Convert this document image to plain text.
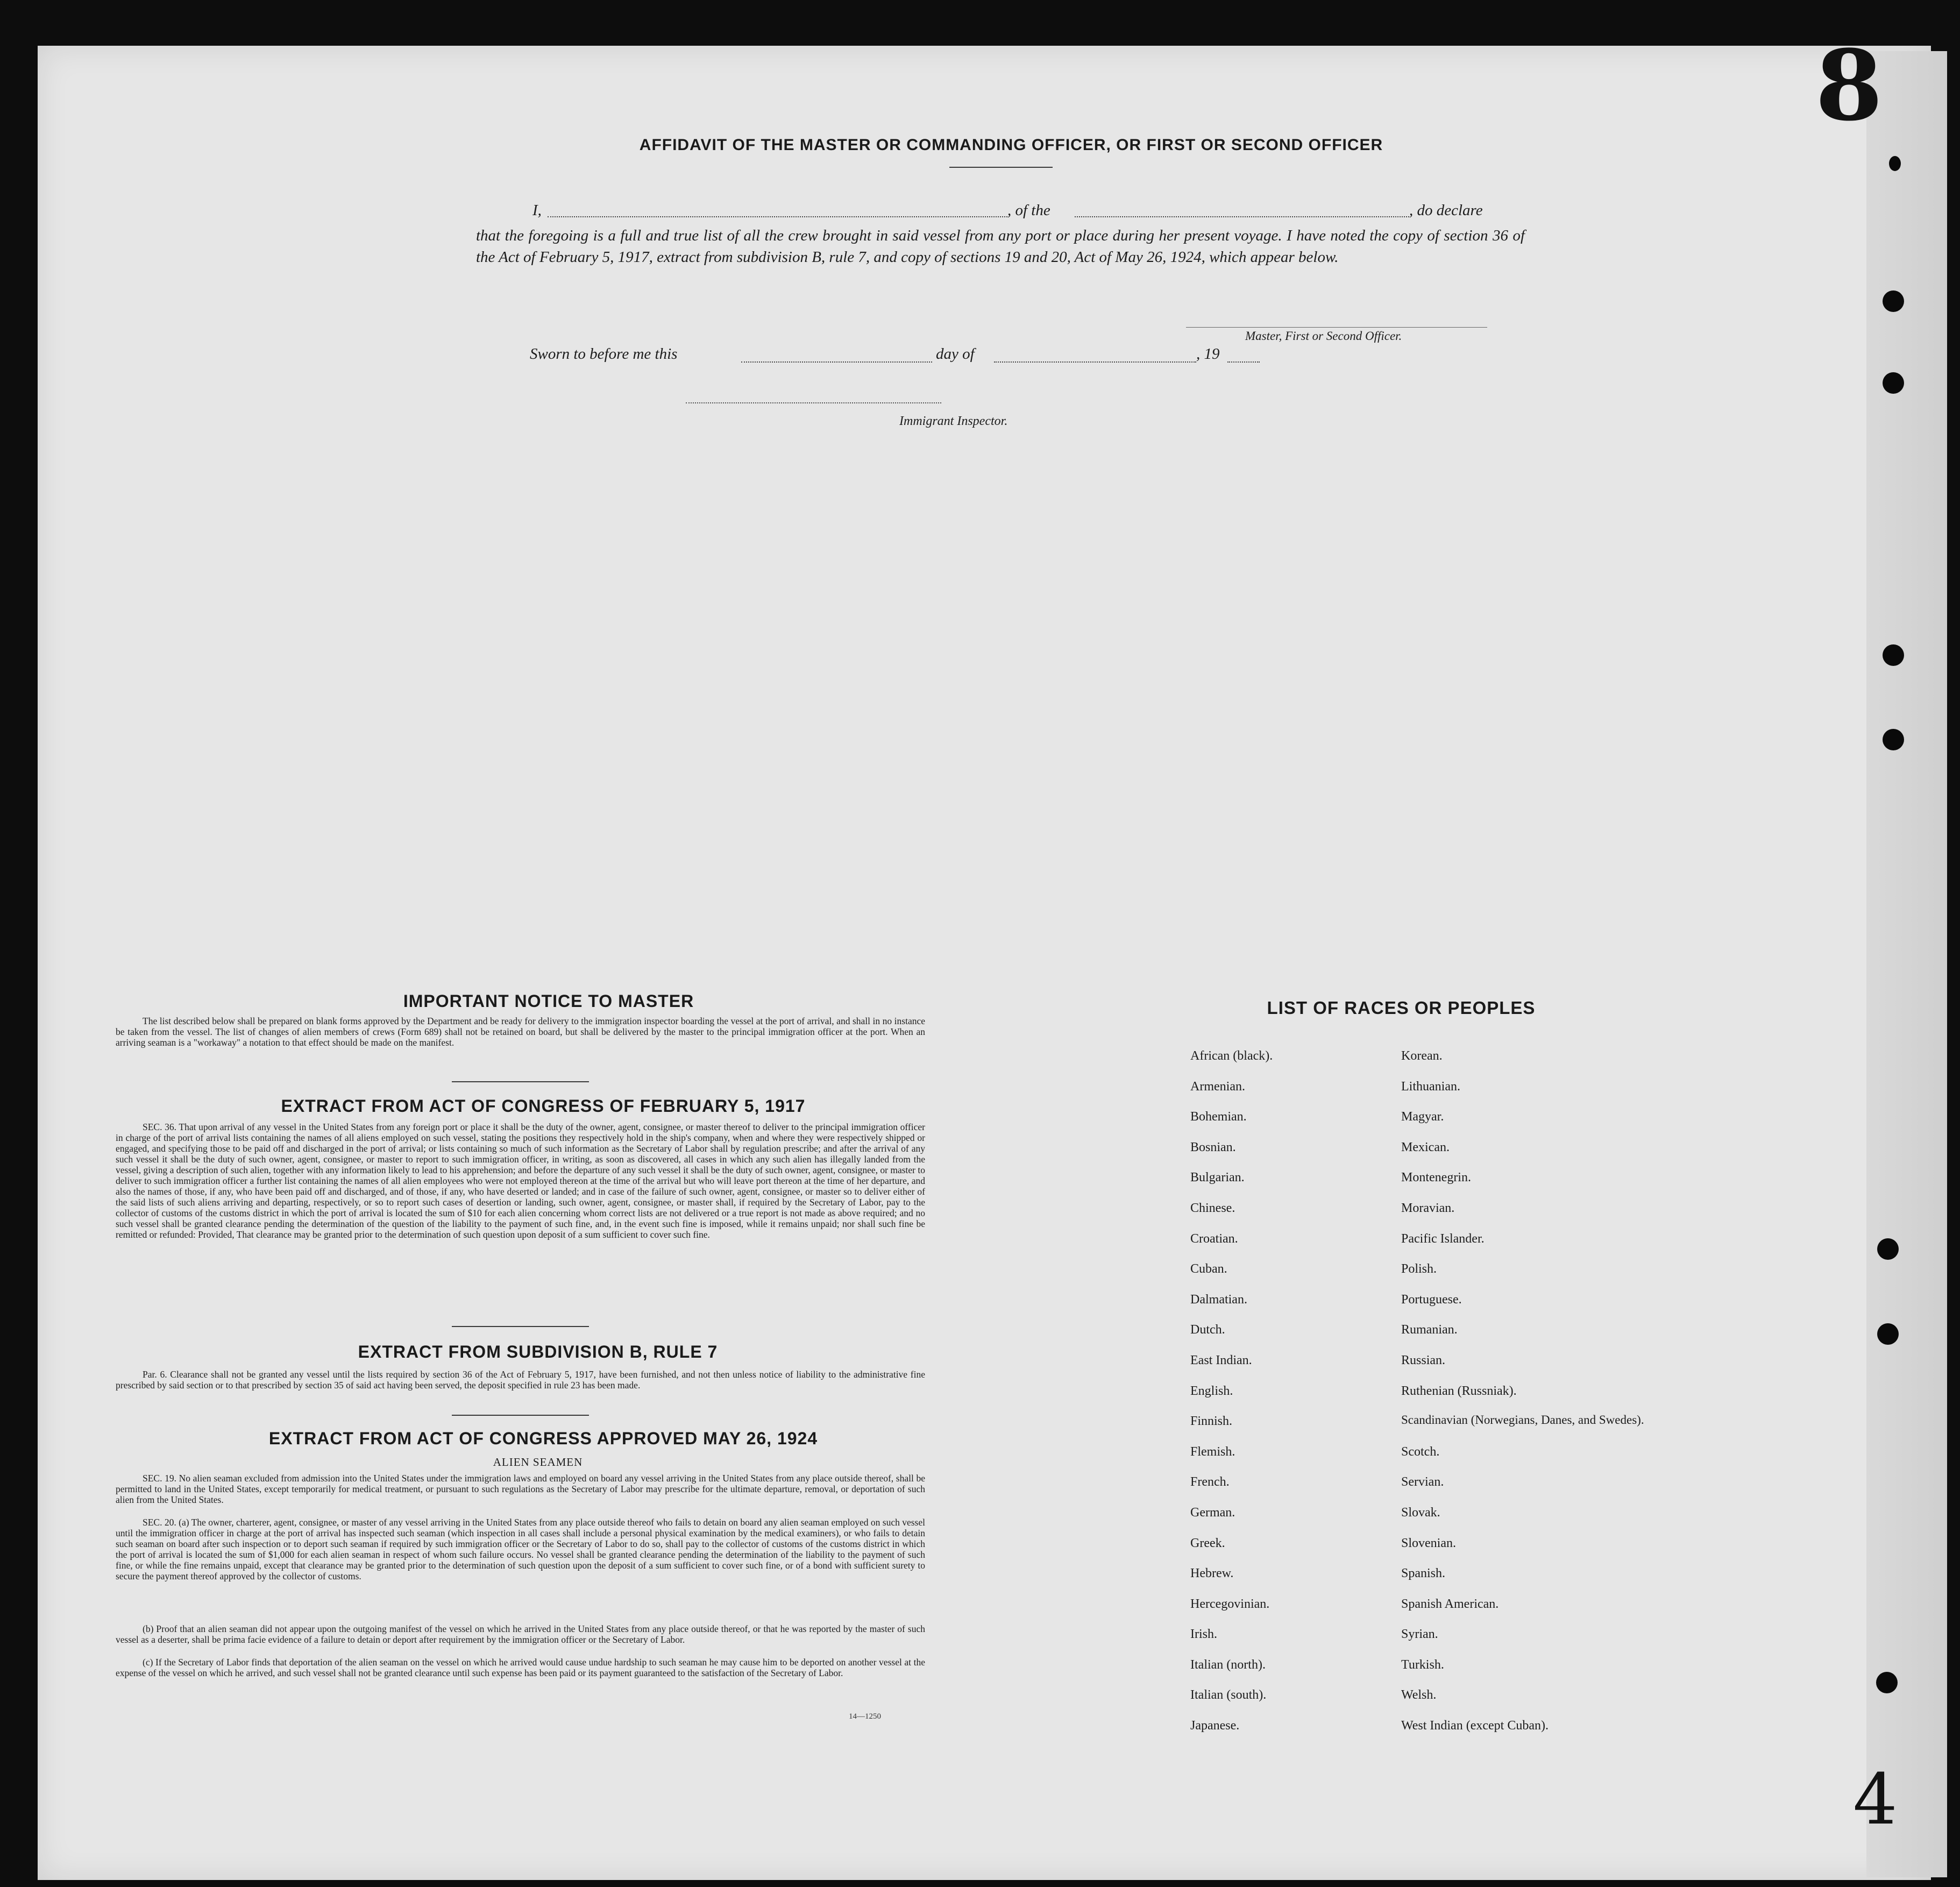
8
4
AFFIDAVIT OF THE MASTER OR COMMANDING OFFICER, OR FIRST OR SECOND OFFICER
I,	, of the	, do declare
that the foregoing is a full and true list of all the crew brought in said vessel from any port or place during her present voyage. I have noted the copy of section 36 of the Act of February 5, 1917, extract from subdivision B, rule 7, and copy of sections 19 and 20, Act of May 26, 1924, which appear below.
Master, First or Second Officer.
Sworn to before me this	day of	, 19
Immigrant Inspector.
IMPORTANT NOTICE TO MASTER
The list described below shall be prepared on blank forms approved by the Department and be ready for delivery to the immigration inspector boarding the vessel at the port of arrival, and shall in no instance be taken from the vessel. The list of changes of alien members of crews (Form 689) shall not be retained on board, but shall be delivered by the master to the principal immigration officer at the port. When an arriving seaman is a "workaway" a notation to that effect should be made on the manifest.
EXTRACT FROM ACT OF CONGRESS OF FEBRUARY 5, 1917
SEC. 36. That upon arrival of any vessel in the United States from any foreign port or place it shall be the duty of the owner, agent, consignee, or master thereof to deliver to the principal immigration officer in charge of the port of arrival lists containing the names of all aliens employed on such vessel, stating the positions they respectively hold in the ship's company, when and where they were respectively shipped or engaged, and specifying those to be paid off and discharged in the port of arrival; or lists containing so much of such information as the Secretary of Labor shall by regulation prescribe; and after the arrival of any such vessel it shall be the duty of such owner, agent, consignee, or master to report to such immigration officer, in writing, as soon as discovered, all cases in which any such alien has illegally landed from the vessel, giving a description of such alien, together with any information likely to lead to his apprehension; and before the departure of any such vessel it shall be the duty of such owner, agent, consignee, or master to deliver to such immigration officer a further list containing the names of all alien employees who were not employed thereon at the time of the arrival but who will leave port thereon at the time of her departure, and also the names of those, if any, who have been paid off and discharged, and of those, if any, who have deserted or landed; and in case of the failure of such owner, agent, consignee, or master so to deliver either of the said lists of such aliens arriving and departing, respectively, or so to report such cases of desertion or landing, such owner, agent, consignee, or master shall, if required by the Secretary of Labor, pay to the collector of customs of the customs district in which the port of arrival is located the sum of $10 for each alien concerning whom correct lists are not delivered or a true report is not made as above required; and no such vessel shall be granted clearance pending the determination of the question of the liability to the payment of such fine, and, in the event such fine is imposed, while it remains unpaid; nor shall such fine be remitted or refunded: Provided, That clearance may be granted prior to the determination of such question upon deposit of a sum sufficient to cover such fine.
EXTRACT FROM SUBDIVISION B, RULE 7
Par. 6. Clearance shall not be granted any vessel until the lists required by section 36 of the Act of February 5, 1917, have been furnished, and not then unless notice of liability to the administrative fine prescribed by said section or to that prescribed by section 35 of said act having been served, the deposit specified in rule 23 has been made.
EXTRACT FROM ACT OF CONGRESS APPROVED MAY 26, 1924
ALIEN SEAMEN
SEC. 19. No alien seaman excluded from admission into the United States under the immigration laws and employed on board any vessel arriving in the United States from any place outside thereof, shall be permitted to land in the United States, except temporarily for medical treatment, or pursuant to such regulations as the Secretary of Labor may prescribe for the ultimate departure, removal, or deportation of such alien from the United States.
SEC. 20. (a) The owner, charterer, agent, consignee, or master of any vessel arriving in the United States from any place outside thereof who fails to detain on board any alien seaman employed on such vessel until the immigration officer in charge at the port of arrival has inspected such seaman (which inspection in all cases shall include a personal physical examination by the medical examiners), or who fails to detain such seaman on board after such inspection or to deport such seaman if required by such immigration officer or the Secretary of Labor to do so, shall pay to the collector of customs of the customs district in which the port of arrival is located the sum of $1,000 for each alien seaman in respect of whom such failure occurs. No vessel shall be granted clearance pending the determination of the liability to the payment of such fine, or while the fine remains unpaid, except that clearance may be granted prior to the determination of such question upon the deposit of a sum sufficient to cover such fine, or of a bond with sufficient surety to secure the payment thereof approved by the collector of customs.
(b) Proof that an alien seaman did not appear upon the outgoing manifest of the vessel on which he arrived in the United States from any place outside thereof, or that he was reported by the master of such vessel as a deserter, shall be prima facie evidence of a failure to detain or deport after requirement by the immigration officer or the Secretary of Labor.
(c) If the Secretary of Labor finds that deportation of the alien seaman on the vessel on which he arrived would cause undue hardship to such seaman he may cause him to be deported on another vessel at the expense of the vessel on which he arrived, and such vessel shall not be granted clearance until such expense has been paid or its payment guaranteed to the satisfaction of the Secretary of Labor.
14—1250
LIST OF RACES OR PEOPLES
African (black).
Armenian.
Bohemian.
Bosnian.
Bulgarian.
Chinese.
Croatian.
Cuban.
Dalmatian.
Dutch.
East Indian.
English.
Finnish.
Flemish.
French.
German.
Greek.
Hebrew.
Hercegovinian.
Irish.
Italian (north).
Italian (south).
Japanese.
Korean.
Lithuanian.
Magyar.
Mexican.
Montenegrin.
Moravian.
Pacific Islander.
Polish.
Portuguese.
Rumanian.
Russian.
Ruthenian (Russniak).
Scandinavian (Norwegians, Danes, and Swedes).
Scotch.
Servian.
Slovak.
Slovenian.
Spanish.
Spanish American.
Syrian.
Turkish.
Welsh.
West Indian (except Cuban).
